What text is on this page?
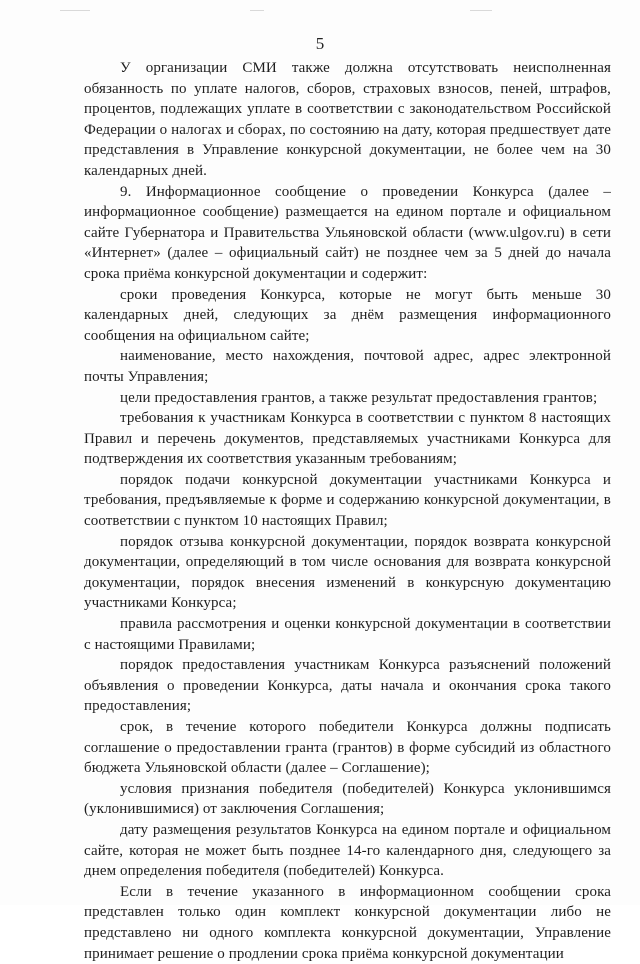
5

У организации СМИ также должна отсутствовать неисполненная обязанность по уплате налогов, сборов, страховых взносов, пеней, штрафов, процентов, подлежащих уплате в соответствии с законодательством Российской Федерации о налогах и сборах, по состоянию на дату, которая предшествует дате представления в Управление конкурсной документации, не более чем на 30 календарных дней.

9. Информационное сообщение о проведении Конкурса (далее – информационное сообщение) размещается на едином портале и официальном сайте Губернатора и Правительства Ульяновской области (www.ulgov.ru) в сети «Интернет» (далее – официальный сайт) не позднее чем за 5 дней до начала срока приёма конкурсной документации и содержит:

сроки проведения Конкурса, которые не могут быть меньше 30 календарных дней, следующих за днём размещения информационного сообщения на официальном сайте;

наименование, место нахождения, почтовой адрес, адрес электронной почты Управления;

цели предоставления грантов, а также результат предоставления грантов;

требования к участникам Конкурса в соответствии с пунктом 8 настоящих Правил и перечень документов, представляемых участниками Конкурса для подтверждения их соответствия указанным требованиям;

порядок подачи конкурсной документации участниками Конкурса и требования, предъявляемые к форме и содержанию конкурсной документации, в соответствии с пунктом 10 настоящих Правил;

порядок отзыва конкурсной документации, порядок возврата конкурсной документации, определяющий в том числе основания для возврата конкурсной документации, порядок внесения изменений в конкурсную документацию участниками Конкурса;

правила рассмотрения и оценки конкурсной документации в соответствии с настоящими Правилами;

порядок предоставления участникам Конкурса разъяснений положений объявления о проведении Конкурса, даты начала и окончания срока такого предоставления;

срок, в течение которого победители Конкурса должны подписать соглашение о предоставлении гранта (грантов) в форме субсидий из областного бюджета Ульяновской области (далее – Соглашение);

условия признания победителя (победителей) Конкурса уклонившимся (уклонившимися) от заключения Соглашения;

дату размещения результатов Конкурса на едином портале и официальном сайте, которая не может быть позднее 14-го календарного дня, следующего за днем определения победителя (победителей) Конкурса.

Если в течение указанного в информационном сообщении срока представлен только один комплект конкурсной документации либо не представлено ни одного комплекта конкурсной документации, Управление принимает решение о продлении срока приёма конкурсной документации
